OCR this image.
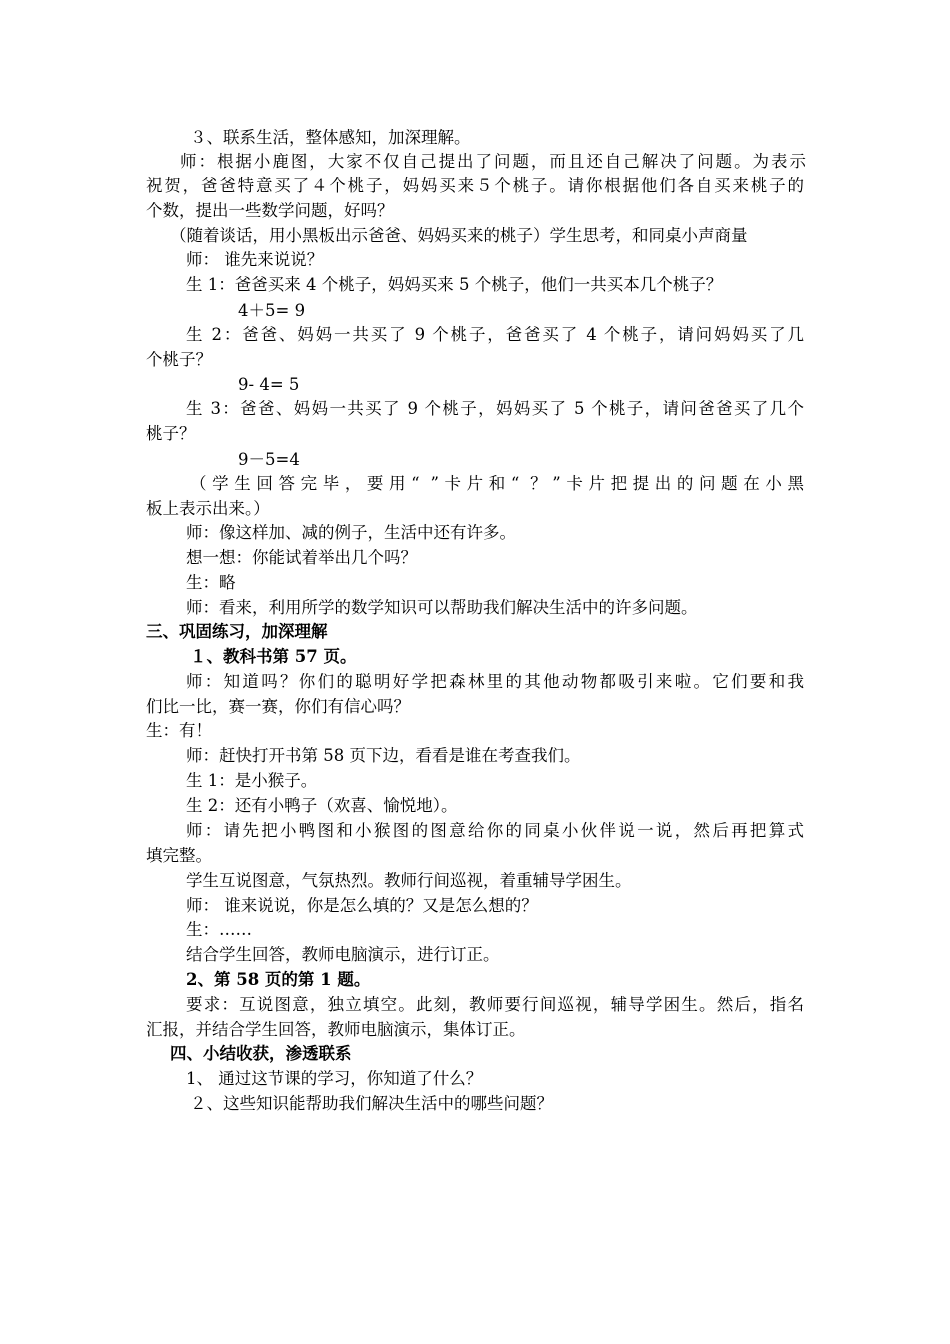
３、联系生活，整体感知，加深理解。

师：根据小鹿图，大家不仅自己提出了问题，而且还自己解决了问题。为表示

祝贺，爸爸特意买了４个桃子，妈妈买来５个桃子。请你根据他们各自买来桃子的

个数，提出一些数学问题，好吗？

（随着谈话，用小黑板出示爸爸、妈妈买来的桃子）学生思考，和同桌小声商量

师： 谁先来说说？

生 1：爸爸买来 4 个桃子，妈妈买来 5 个桃子，他们一共买本几个桃子？

4＋5= 9

生 2：爸爸、妈妈一共买了 9 个桃子，爸爸买了 4 个桃子，请问妈妈买了几

个桃子？

9- 4= 5

生 3：爸爸、妈妈一共买了 9 个桃子，妈妈买了 5 个桃子，请问爸爸买了几个

桃子？

9－5=4

（学生回答完毕，要用“ ”卡片和“ ？”卡片把提出的问题在小黑

板上表示出来。）

师：像这样加、减的例子，生活中还有许多。

想一想：你能试着举出几个吗？

生：略

师：看来，利用所学的数学知识可以帮助我们解决生活中的许多问题。

三、巩固练习，加深理解

１、教科书第 57 页。

师：知道吗？你们的聪明好学把森林里的其他动物都吸引来啦。它们要和我

们比一比，赛一赛，你们有信心吗？

生：有！

师：赶快打开书第 58 页下边，看看是谁在考查我们。

生 1：是小猴子。

生 2：还有小鸭子（欢喜、愉悦地）。

师：请先把小鸭图和小猴图的图意给你的同桌小伙伴说一说，然后再把算式

填完整。

学生互说图意，气氛热烈。教师行间巡视，着重辅导学困生。

师： 谁来说说，你是怎么填的？又是怎么想的？

生：……

结合学生回答，教师电脑演示，进行订正。

2、第 58 页的第 1 题。

要求：互说图意，独立填空。此刻，教师要行间巡视，辅导学困生。然后，指名

汇报，并结合学生回答，教师电脑演示，集体订正。

四、小结收获，渗透联系

1、 通过这节课的学习，你知道了什么？

２、这些知识能帮助我们解决生活中的哪些问题？
